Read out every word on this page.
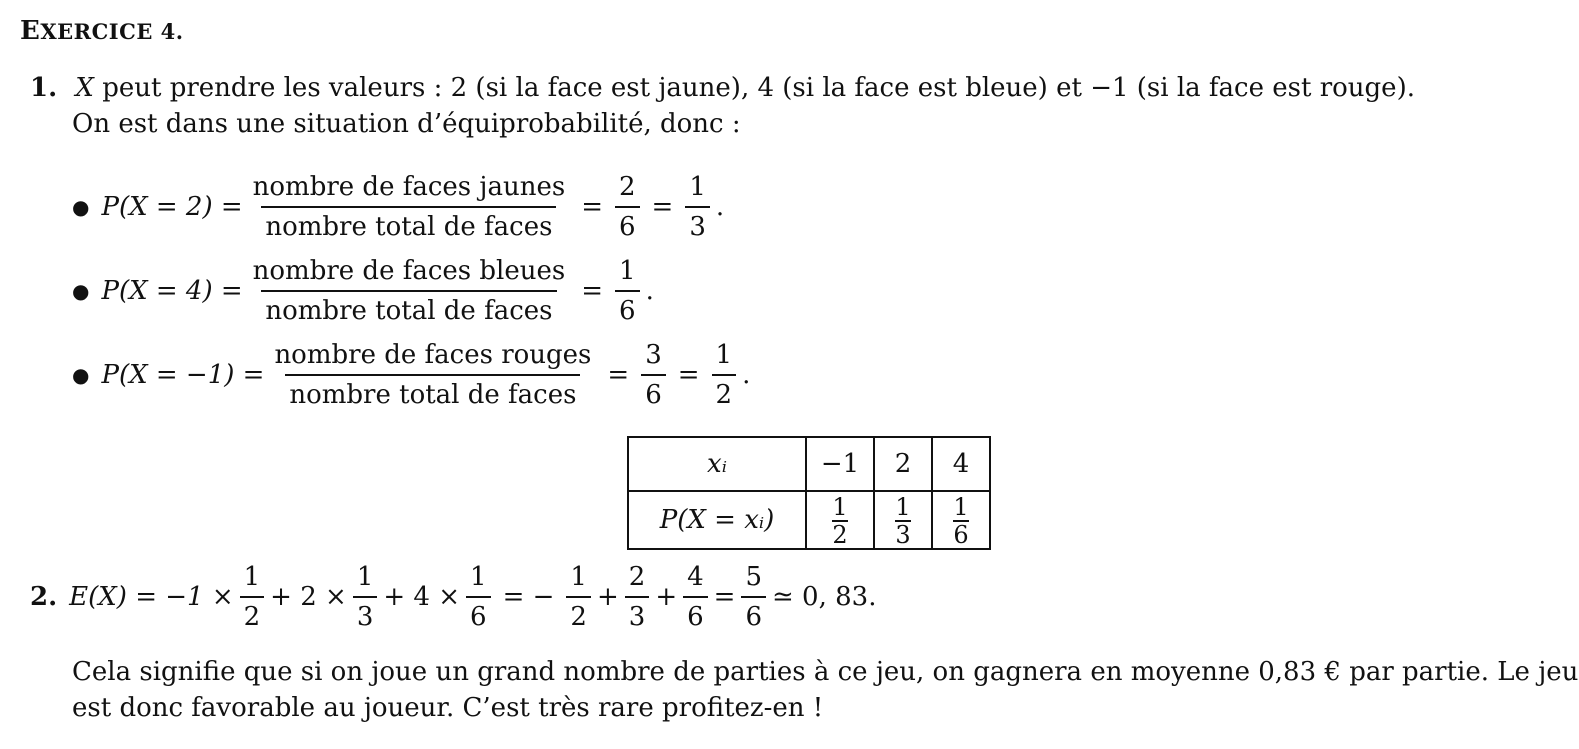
EXERCICE 4.
1. X peut prendre les valeurs : 2 (si la face est jaune), 4 (si la face est bleue) et −1 (si la face est rouge).
On est dans une situation d’équiprobabilité, donc :
● $P(X = 2) = \frac{\text{nombre de faces jaunes}}{\text{nombre total de faces}} = \frac{2}{6} = \frac{1}{3}$ .
● $P(X = 4) = \frac{\text{nombre de faces bleues}}{\text{nombre total de faces}} = \frac{1}{6}$ .
● $P(X = -1) = \frac{\text{nombre de faces rouges}}{\text{nombre total de faces}} = \frac{3}{6} = \frac{1}{2}$ .
xᵢ	−1	2	4
P(X = xᵢ)	$\frac{1}{2}$	$\frac{1}{3}$	$\frac{1}{6}$
2. $E(X) = -1 \times \frac{1}{2} + 2 \times \frac{1}{3} + 4 \times \frac{1}{6}$ = − $\frac{1}{2} + \frac{2}{3} + \frac{4}{6} = \frac{5}{6}$ ≃ 0, 83.
Cela signifie que si on joue un grand nombre de parties à ce jeu, on gagnera en moyenne 0,83 € par partie. Le jeu
est donc favorable au joueur. C’est très rare profitez-en !
